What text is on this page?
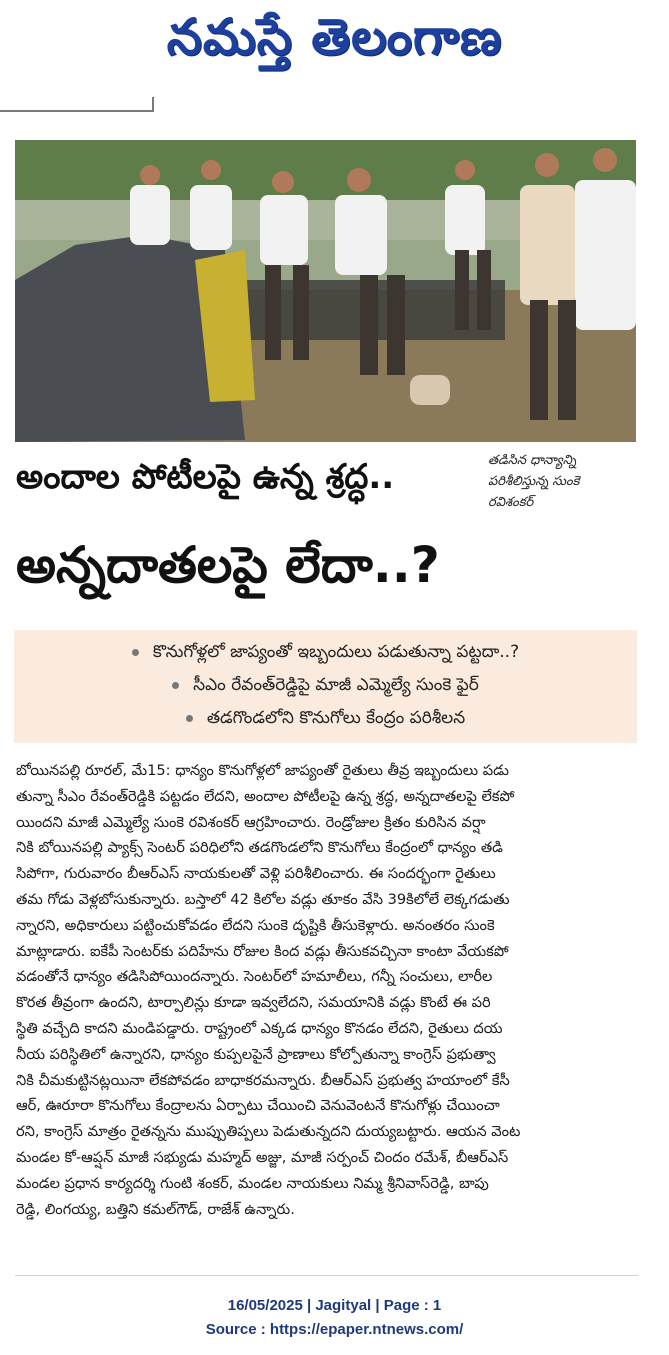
నమస్తే తెలంగాణ
తడిసిన ధాన్యాన్ని
పరిశీలిస్తున్న సుంకె
రవిశంకర్
అందాల పోటీలపై ఉన్న శ్రద్ధ..
అన్నదాతలపై లేదా..?
కొనుగోళ్లలో జాప్యంతో ఇబ్బందులు పడుతున్నా పట్టదా..?
సీఎం రేవంత్‌రెడ్డిపై మాజీ ఎమ్మెల్యే సుంకె ఫైర్
తడగొండలోని కొనుగోలు కేంద్రం పరిశీలన
బోయినపల్లి రూరల్, మే15: ధాన్యం కొనుగోళ్లలో జాప్యంతో రైతులు తీవ్ర ఇబ్బందులు పడు
తున్నా సీఎం రేవంత్‌రెడ్డికి పట్టడం లేదని, అందాల పోటీలపై ఉన్న శ్రద్ధ, అన్నదాతలపై లేకపో
యిందని మాజీ ఎమ్మెల్యే సుంకె రవిశంకర్ ఆగ్రహించారు. రెండ్రోజుల క్రితం కురిసిన వర్షా
నికి బోయినపల్లి ప్యాక్స్ సెంటర్ పరిధిలోని తడగొండలోని కొనుగోలు కేంద్రంలో ధాన్యం తడి
సిపోగా, గురువారం బీఆర్‌ఎస్ నాయకులతో వెళ్లి పరిశీలించారు. ఈ సందర్భంగా రైతులు
తమ గోడు వెళ్లబోసుకున్నారు. బస్తాలో 42 కిలోల వడ్లు తూకం వేసి 39కిలోలే లెక్కగడుతు
న్నారని, అధికారులు పట్టించుకోవడం లేదని సుంకె దృష్టికి తీసుకెళ్లారు. అనంతరం సుంకె
మాట్లాడారు. ఐకేపీ సెంటర్‌కు పదిహేను రోజుల కింద వడ్లు తీసుకవచ్చినా కాంటా వేయకపో
వడంతోనే ధాన్యం తడిసిపోయిందన్నారు. సెంటర్‌లో హమాలీలు, గన్నీ సంచులు, లారీల
కొరత తీవ్రంగా ఉందని, టార్పాలిన్లు కూడా ఇవ్వలేదని, సమయానికి వడ్లు కొంటే ఈ పరి
స్థితి వచ్చేది కాదని మండిపడ్డారు. రాష్ట్రంలో ఎక్కడ ధాన్యం కొనడం లేదని, రైతులు దయ
నీయ పరిస్థితిలో ఉన్నారని, ధాన్యం కుప్పలపైనే ప్రాణాలు కోల్పోతున్నా కాంగ్రెస్ ప్రభుత్వా
నికి చీమకుట్టినట్లయినా లేకపోవడం బాధాకరమన్నారు. బీఆర్‌ఎస్ ప్రభుత్వ హయాంలో కేసీ
ఆర్, ఊరూరా కొనుగోలు కేంద్రాలను ఏర్పాటు చేయించి వెనువెంటనే కొనుగోళ్లు చేయించా
రని, కాంగ్రెస్ మాత్రం రైతన్నను ముప్పుతిప్పలు పెడుతున్నదని దుయ్యబట్టారు. ఆయన వెంట
మండల కో-ఆప్షన్ మాజీ సభ్యుడు మహ్మద్ అజ్జు, మాజీ సర్పంచ్ చిందం రమేశ్, బీఆర్‌ఎస్
మండల ప్రధాన కార్యదర్శి గుంటి శంకర్, మండల నాయకులు నిమ్మ శ్రీనివాస్‌రెడ్డి, బాపు
రెడ్డి, లింగయ్య, బత్తిని కమల్‌గౌడ్, రాజేశ్ ఉన్నారు.
16/05/2025 | Jagityal | Page : 1
Source : https://epaper.ntnews.com/
